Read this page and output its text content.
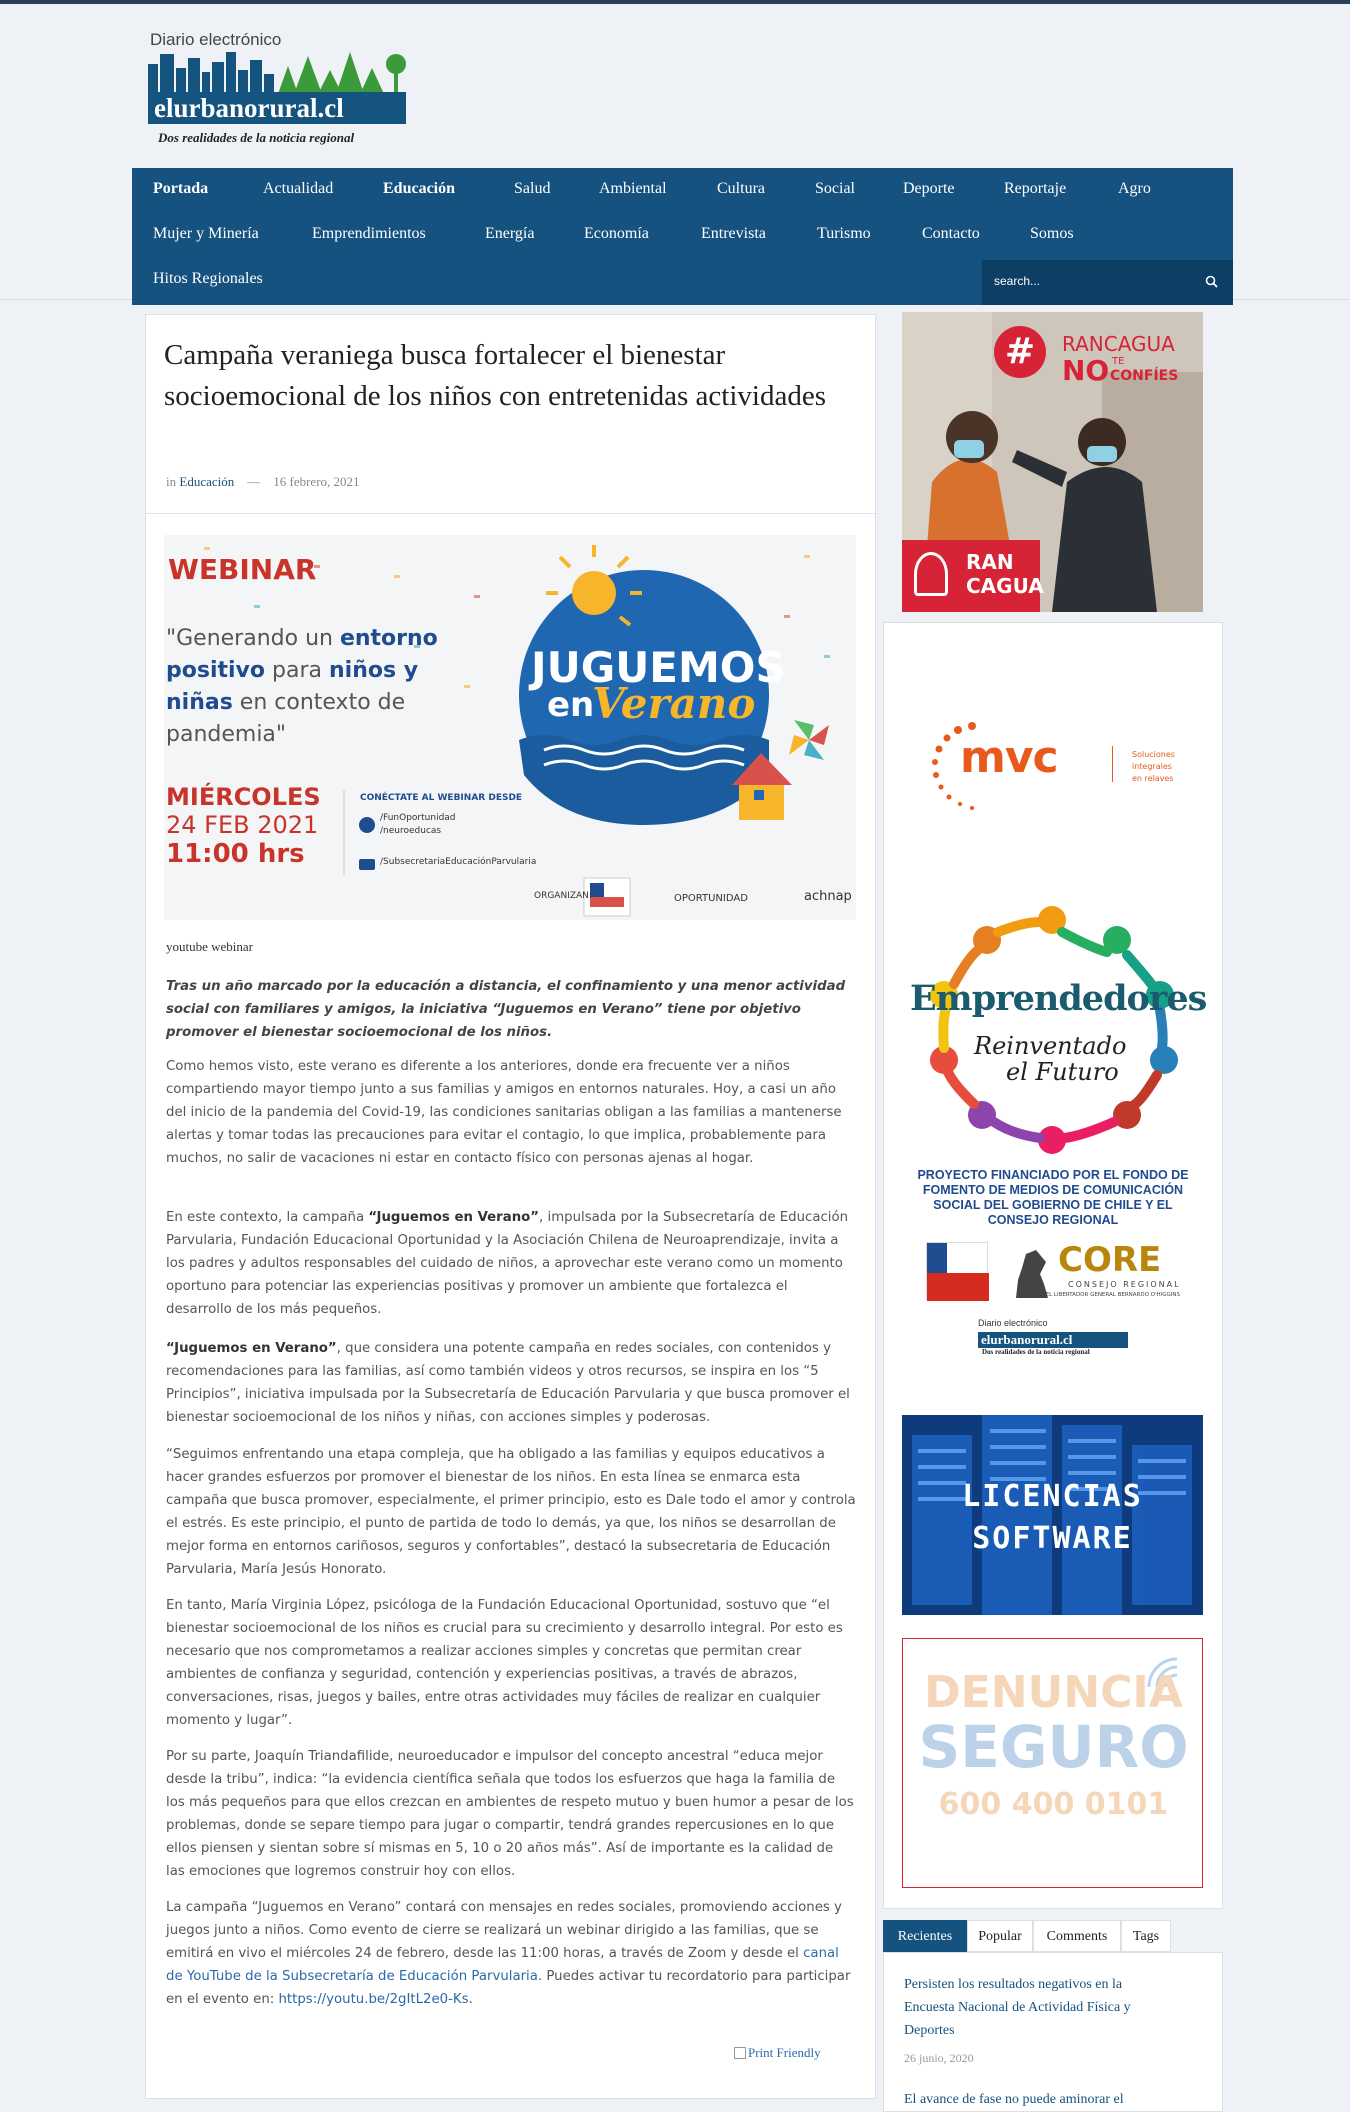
Diario electrónico
elurbanorural.cl
Dos realidades de la noticia regional
Portada	Actualidad	Educación	Salud	Ambiental	Cultura	Social	Deporte	Reportaje	Agro
Mujer y Minería	Emprendimientos	Energía	Economía	Entrevista	Turismo	Contacto	Somos
Hitos Regionales
search...
Campaña veraniega busca fortalecer el bienestar socioemocional de los niños con entretenidas actividades
in Educación — 16 febrero, 2021
WEBINAR
"Generando un entorno
positivo para niños y
niñas en contexto de
pandemia"
MIÉRCOLES
24 FEB 2021
11:00 hrs
CONÉCTATE AL WEBINAR DESDE
/FunOportunidad
/neuroeducas
/SubsecretariaEducaciónParvularia
ORGANIZAN:	OPORTUNIDAD	achnap
JUGUEMOS
en
Verano
youtube webinar

Tras un año marcado por la educación a distancia, el confinamiento y una menor actividad social con familiares y amigos, la iniciativa “Juguemos en Verano” tiene por objetivo promover el bienestar socioemocional de los niños.

Como hemos visto, este verano es diferente a los anteriores, donde era frecuente ver a niños compartiendo mayor tiempo junto a sus familias y amigos en entornos naturales. Hoy, a casi un año del inicio de la pandemia del Covid-19, las condiciones sanitarias obligan a las familias a mantenerse alertas y tomar todas las precauciones para evitar el contagio, lo que implica, probablemente para muchos, no salir de vacaciones ni estar en contacto físico con personas ajenas al hogar.

En este contexto, la campaña “Juguemos en Verano”, impulsada por la Subsecretaría de Educación Parvularia, Fundación Educacional Oportunidad y la Asociación Chilena de Neuroaprendizaje, invita a los padres y adultos responsables del cuidado de niños, a aprovechar este verano como un momento oportuno para potenciar las experiencias positivas y promover un ambiente que fortalezca el desarrollo de los más pequeños.

“Juguemos en Verano”, que considera una potente campaña en redes sociales, con contenidos y recomendaciones para las familias, así como también videos y otros recursos, se inspira en los “5 Principios”, iniciativa impulsada por la Subsecretaría de Educación Parvularia y que busca promover el bienestar socioemocional de los niños y niñas, con acciones simples y poderosas.

“Seguimos enfrentando una etapa compleja, que ha obligado a las familias y equipos educativos a hacer grandes esfuerzos por promover el bienestar de los niños. En esta línea se enmarca esta campaña que busca promover, especialmente, el primer principio, esto es Dale todo el amor y controla el estrés. Es este principio, el punto de partida de todo lo demás, ya que, los niños se desarrollan de mejor forma en entornos cariñosos, seguros y confortables”, destacó la subsecretaria de Educación Parvularia, María Jesús Honorato.

En tanto, María Virginia López, psicóloga de la Fundación Educacional Oportunidad, sostuvo que “el bienestar socioemocional de los niños es crucial para su crecimiento y desarrollo integral. Por esto es necesario que nos comprometamos a realizar acciones simples y concretas que permitan crear ambientes de confianza y seguridad, contención y experiencias positivas, a través de abrazos, conversaciones, risas, juegos y bailes, entre otras actividades muy fáciles de realizar en cualquier momento y lugar”.

Por su parte, Joaquín Triandafilide, neuroeducador e impulsor del concepto ancestral “educa mejor desde la tribu”, indica: “la evidencia científica señala que todos los esfuerzos que haga la familia de los más pequeños para que ellos crezcan en ambientes de respeto mutuo y buen humor a pesar de los problemas, donde se separe tiempo para jugar o compartir, tendrá grandes repercusiones en lo que ellos piensen y sientan sobre sí mismas en 5, 10 o 20 años más”. Así de importante es la calidad de las emociones que logremos construir hoy con ellos.

La campaña “Juguemos en Verano” contará con mensajes en redes sociales, promoviendo acciones y juegos junto a niños. Como evento de cierre se realizará un webinar dirigido a las familias, que se emitirá en vivo el miércoles 24 de febrero, desde las 11:00 horas, a través de Zoom y desde el canal de YouTube de la Subsecretaría de Educación Parvularia. Puedes activar tu recordatorio para participar en el evento en: https://youtu.be/2gItL2e0-Ks.

Print Friendly
#	RANCAGUA
NO TE
CONFÍES
RAN
CAGUA
mvc	Soluciones
integrales
en relaves
Emprendedores
Reinventado
el Futuro
PROYECTO FINANCIADO POR EL FONDO DE FOMENTO DE MEDIOS DE COMUNICACIÓN SOCIAL DEL GOBIERNO DE CHILE Y EL CONSEJO REGIONAL
CORE
CONSEJO REGIONAL
REGIÓN DEL LIBERTADOR GENERAL BERNARDO O'HIGGINS
Diario electrónico
elurbanorural.cl
Dos realidades de la noticia regional
LICENCIAS
SOFTWARE
DENUNCIA
SEGURO
600 400 0101
Recientes	Popular	Comments	Tags
Persisten los resultados negativos en la Encuesta Nacional de Actividad Física y Deportes
26 junio, 2020
El avance de fase no puede aminorar el
